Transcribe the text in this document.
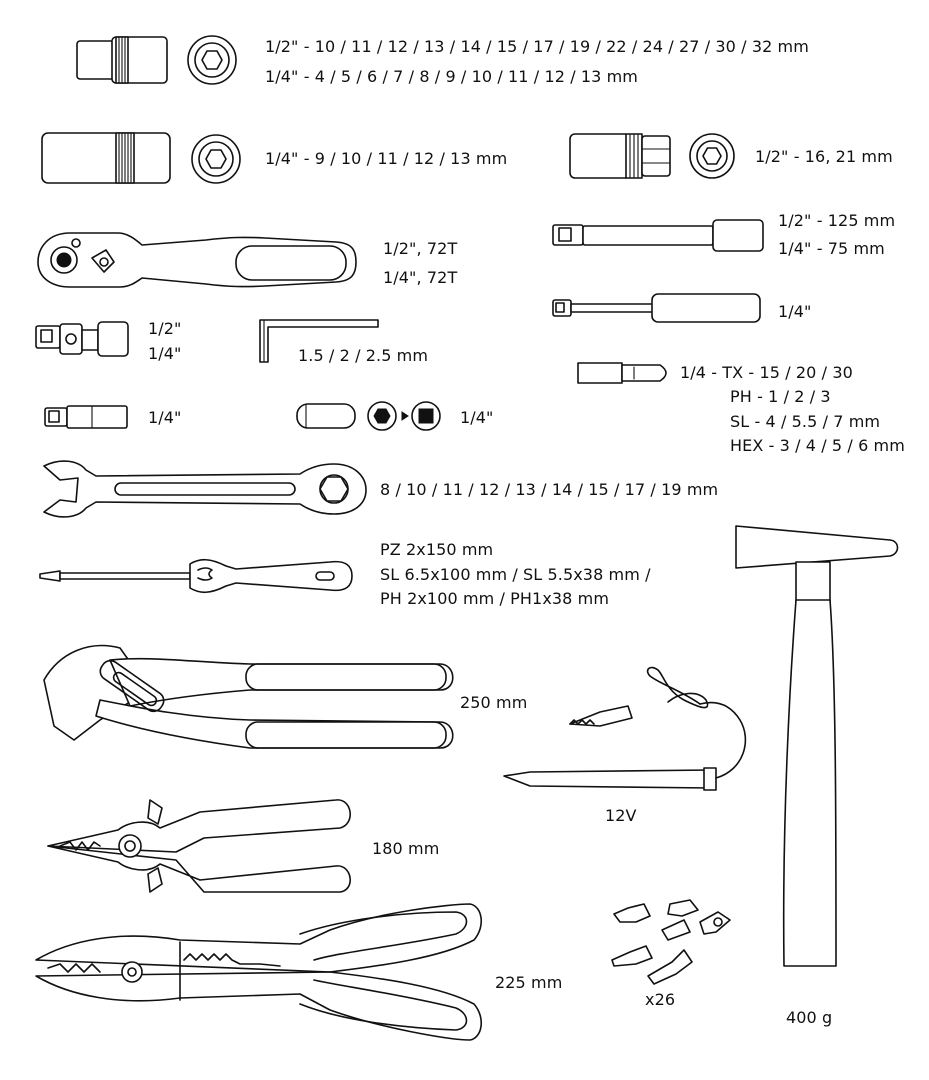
1/2" - 10 / 11 / 12 / 13 / 14 / 15 / 17 / 19 / 22 / 24 / 27 / 30 / 32 mm
1/4" - 4 / 5 / 6 / 7 / 8 / 9 / 10 / 11 / 12 / 13 mm
1/4" - 9 / 10 / 11 / 12 / 13 mm	1/2" - 16, 21 mm
1/2", 72T
1/4", 72T
1/2" - 125 mm
1/4" - 75 mm
1/2"
1/4"	1.5 / 2 / 2.5 mm
1/4"
1/4"	1/4"
1/4 - TX - 15 / 20 / 30
PH - 1 / 2 / 3
SL - 4 / 5.5 / 7 mm
HEX - 3 / 4 / 5 / 6 mm
8 / 10 / 11 / 12 / 13 / 14 / 15 / 17 / 19 mm
PZ 2x150 mm
SL 6.5x100 mm / SL 5.5x38 mm /
PH 2x100 mm / PH1x38 mm
250 mm
12V
180 mm
225 mm
x26
400 g
